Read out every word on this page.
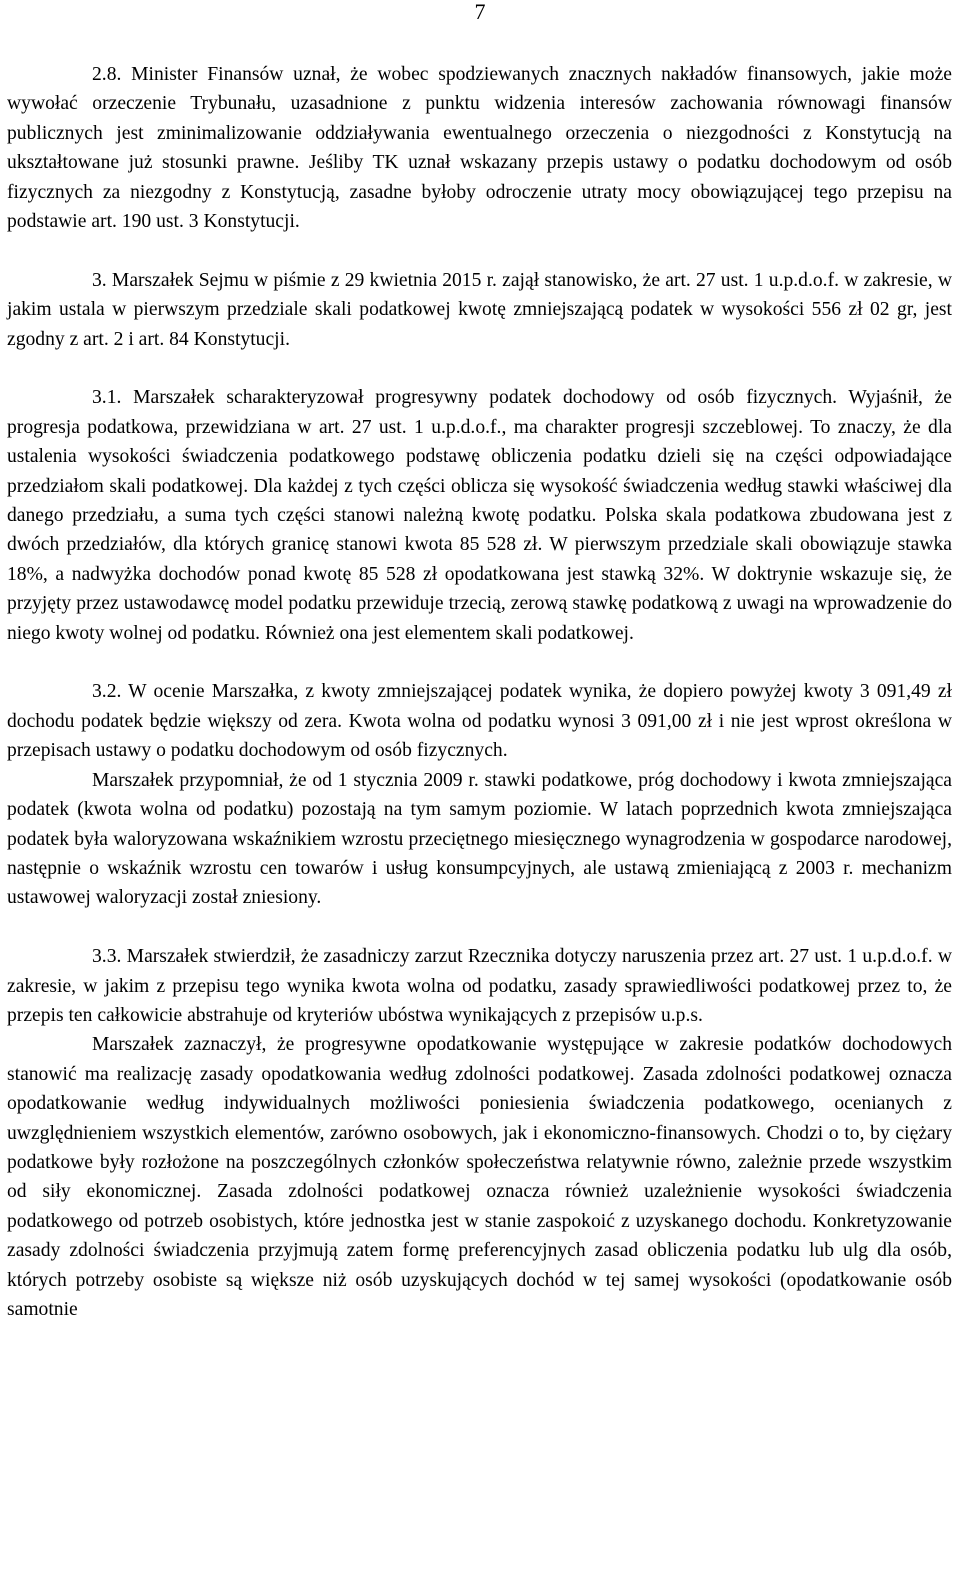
7

2.8. Minister Finansów uznał, że wobec spodziewanych znacznych nakładów finansowych, jakie może wywołać orzeczenie Trybunału, uzasadnione z punktu widzenia interesów zachowania równowagi finansów publicznych jest zminimalizowanie oddziaływania ewentualnego orzeczenia o niezgodności z Konstytucją na ukształtowane już stosunki prawne. Jeśliby TK uznał wskazany przepis ustawy o podatku dochodowym od osób fizycznych za niezgodny z Konstytucją, zasadne byłoby odroczenie utraty mocy obowiązującej tego przepisu na podstawie art. 190 ust. 3 Konstytucji.

3. Marszałek Sejmu w piśmie z 29 kwietnia 2015 r. zajął stanowisko, że art. 27 ust. 1 u.p.d.o.f. w zakresie, w jakim ustala w pierwszym przedziale skali podatkowej kwotę zmniejszającą podatek w wysokości 556 zł 02 gr, jest zgodny z art. 2 i art. 84 Konstytucji.

3.1. Marszałek scharakteryzował progresywny podatek dochodowy od osób fizycznych. Wyjaśnił, że progresja podatkowa, przewidziana w art. 27 ust. 1 u.p.d.o.f., ma charakter progresji szczeblowej. To znaczy, że dla ustalenia wysokości świadczenia podatkowego podstawę obliczenia podatku dzieli się na części odpowiadające przedziałom skali podatkowej. Dla każdej z tych części oblicza się wysokość świadczenia według stawki właściwej dla danego przedziału, a suma tych części stanowi należną kwotę podatku. Polska skala podatkowa zbudowana jest z dwóch przedziałów, dla których granicę stanowi kwota 85 528 zł. W pierwszym przedziale skali obowiązuje stawka 18%, a nadwyżka dochodów ponad kwotę 85 528 zł opodatkowana jest stawką 32%. W doktrynie wskazuje się, że przyjęty przez ustawodawcę model podatku przewiduje trzecią, zerową stawkę podatkową z uwagi na wprowadzenie do niego kwoty wolnej od podatku. Również ona jest elementem skali podatkowej.

3.2. W ocenie Marszałka, z kwoty zmniejszającej podatek wynika, że dopiero powyżej kwoty 3 091,49 zł dochodu podatek będzie większy od zera. Kwota wolna od podatku wynosi 3 091,00 zł i nie jest wprost określona w przepisach ustawy o podatku dochodowym od osób fizycznych.

Marszałek przypomniał, że od 1 stycznia 2009 r. stawki podatkowe, próg dochodowy i kwota zmniejszająca podatek (kwota wolna od podatku) pozostają na tym samym poziomie. W latach poprzednich kwota zmniejszająca podatek była waloryzowana wskaźnikiem wzrostu przeciętnego miesięcznego wynagrodzenia w gospodarce narodowej, następnie o wskaźnik wzrostu cen towarów i usług konsumpcyjnych, ale ustawą zmieniającą z 2003 r. mechanizm ustawowej waloryzacji został zniesiony.

3.3. Marszałek stwierdził, że zasadniczy zarzut Rzecznika dotyczy naruszenia przez art. 27 ust. 1 u.p.d.o.f. w zakresie, w jakim z przepisu tego wynika kwota wolna od podatku, zasady sprawiedliwości podatkowej przez to, że przepis ten całkowicie abstrahuje od kryteriów ubóstwa wynikających z przepisów u.p.s.

Marszałek zaznaczył, że progresywne opodatkowanie występujące w zakresie podatków dochodowych stanowić ma realizację zasady opodatkowania według zdolności podatkowej. Zasada zdolności podatkowej oznacza opodatkowanie według indywidualnych możliwości poniesienia świadczenia podatkowego, ocenianych z uwzględnieniem wszystkich elementów, zarówno osobowych, jak i ekonomiczno-finansowych. Chodzi o to, by ciężary podatkowe były rozłożone na poszczególnych członków społeczeństwa relatywnie równo, zależnie przede wszystkim od siły ekonomicznej. Zasada zdolności podatkowej oznacza również uzależnienie wysokości świadczenia podatkowego od potrzeb osobistych, które jednostka jest w stanie zaspokoić z uzyskanego dochodu. Konkretyzowanie zasady zdolności świadczenia przyjmują zatem formę preferencyjnych zasad obliczenia podatku lub ulg dla osób, których potrzeby osobiste są większe niż osób uzyskujących dochód w tej samej wysokości (opodatkowanie osób samotnie
